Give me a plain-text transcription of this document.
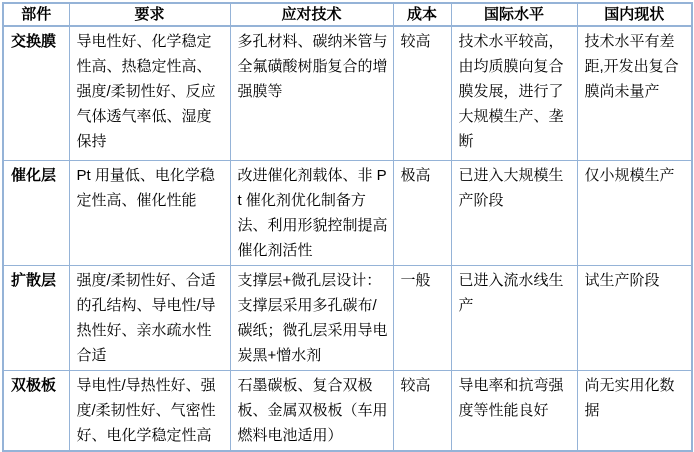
部件	要求	应对技术	成本	国际水平	国内现状
交换膜	导电性好、化学稳定性高、热稳定性高、强度/柔韧性好、反应气体透气率低、湿度保持	多孔材料、碳纳米管与全氟磺酸树脂复合的增强膜等	较高	技术水平较高，由均质膜向复合膜发展，进行了大规模生产、垄断	技术水平有差距,开发出复合膜尚未量产
催化层	Pt 用量低、电化学稳定性高、催化性能	改进催化剂载体、非 Pt 催化剂优化制备方法、利用形貌控制提高催化剂活性	极高	已进入大规模生产阶段	仅小规模生产
扩散层	强度/柔韧性好、合适的孔结构、导电性/导热性好、亲水疏水性合适	支撑层+微孔层设计：支撑层采用多孔碳布/碳纸；微孔层采用导电炭黑+憎水剂	一般	已进入流水线生产	试生产阶段
双极板	导电性/导热性好、强度/柔韧性好、气密性好、电化学稳定性高	石墨碳板、复合双极板、金属双极板（车用燃料电池适用）	较高	导电率和抗弯强度等性能良好	尚无实用化数据
